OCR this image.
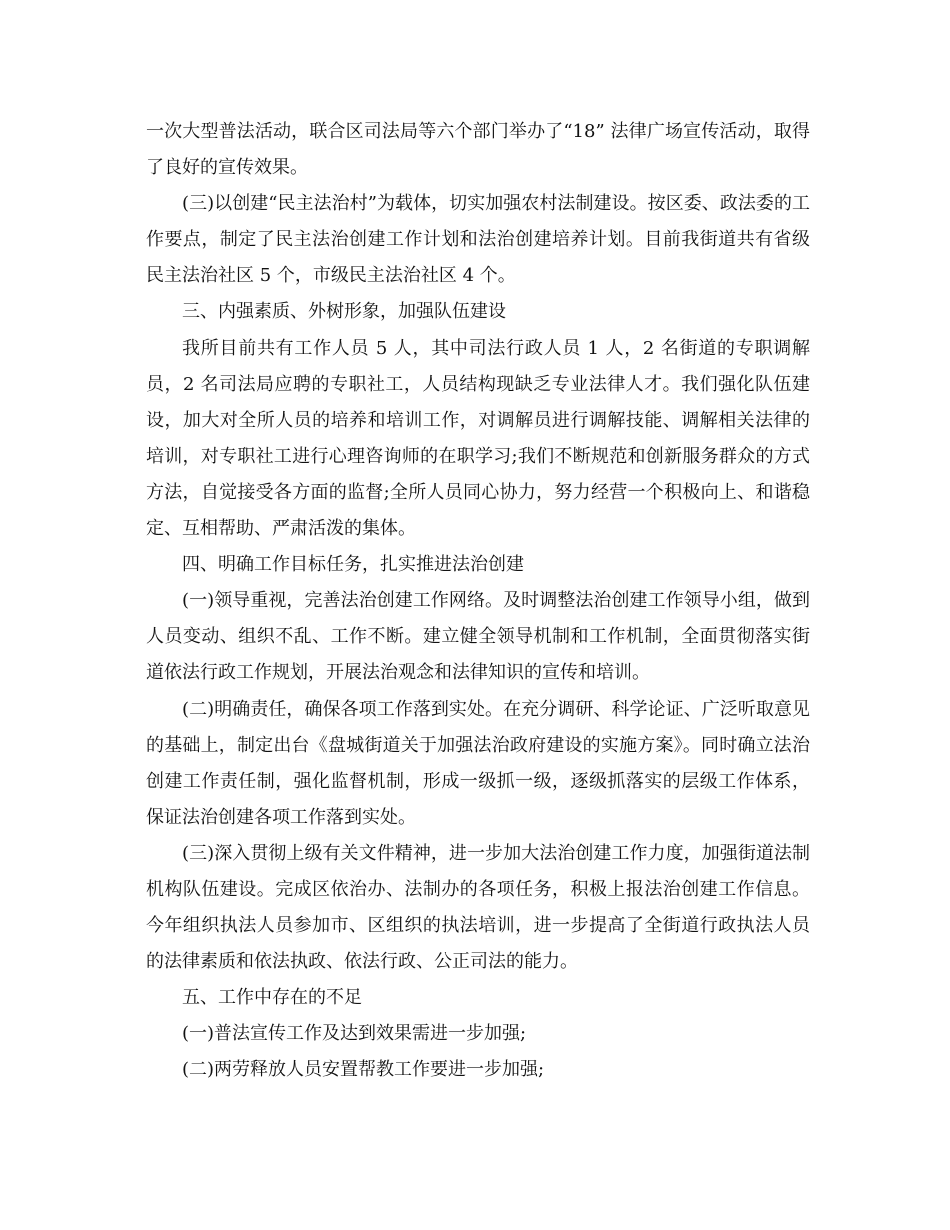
一次大型普法活动，联合区司法局等六个部门举办了“18” 法律广场宣传活动，取得了良好的宣传效果。

(三)以创建“民主法治村”为载体，切实加强农村法制建设。按区委、政法委的工作要点，制定了民主法治创建工作计划和法治创建培养计划。目前我街道共有省级民主法治社区 5 个，市级民主法治社区 4 个。

三、内强素质、外树形象，加强队伍建设

我所目前共有工作人员 5 人，其中司法行政人员 1 人，2 名街道的专职调解员，2 名司法局应聘的专职社工，人员结构现缺乏专业法律人才。我们强化队伍建设，加大对全所人员的培养和培训工作，对调解员进行调解技能、调解相关法律的培训，对专职社工进行心理咨询师的在职学习;我们不断规范和创新服务群众的方式方法，自觉接受各方面的监督;全所人员同心协力，努力经营一个积极向上、和谐稳定、互相帮助、严肃活泼的集体。

四、明确工作目标任务，扎实推进法治创建

(一)领导重视，完善法治创建工作网络。及时调整法治创建工作领导小组，做到人员变动、组织不乱、工作不断。建立健全领导机制和工作机制，全面贯彻落实街道依法行政工作规划，开展法治观念和法律知识的宣传和培训。

(二)明确责任，确保各项工作落到实处。在充分调研、科学论证、广泛听取意见的基础上，制定出台《盘城街道关于加强法治政府建设的实施方案》。同时确立法治创建工作责任制，强化监督机制，形成一级抓一级，逐级抓落实的层级工作体系，保证法治创建各项工作落到实处。

(三)深入贯彻上级有关文件精神，进一步加大法治创建工作力度，加强街道法制机构队伍建设。完成区依治办、法制办的各项任务，积极上报法治创建工作信息。今年组织执法人员参加市、区组织的执法培训，进一步提高了全街道行政执法人员的法律素质和依法执政、依法行政、公正司法的能力。

五、工作中存在的不足

(一)普法宣传工作及达到效果需进一步加强;

(二)两劳释放人员安置帮教工作要进一步加强;
